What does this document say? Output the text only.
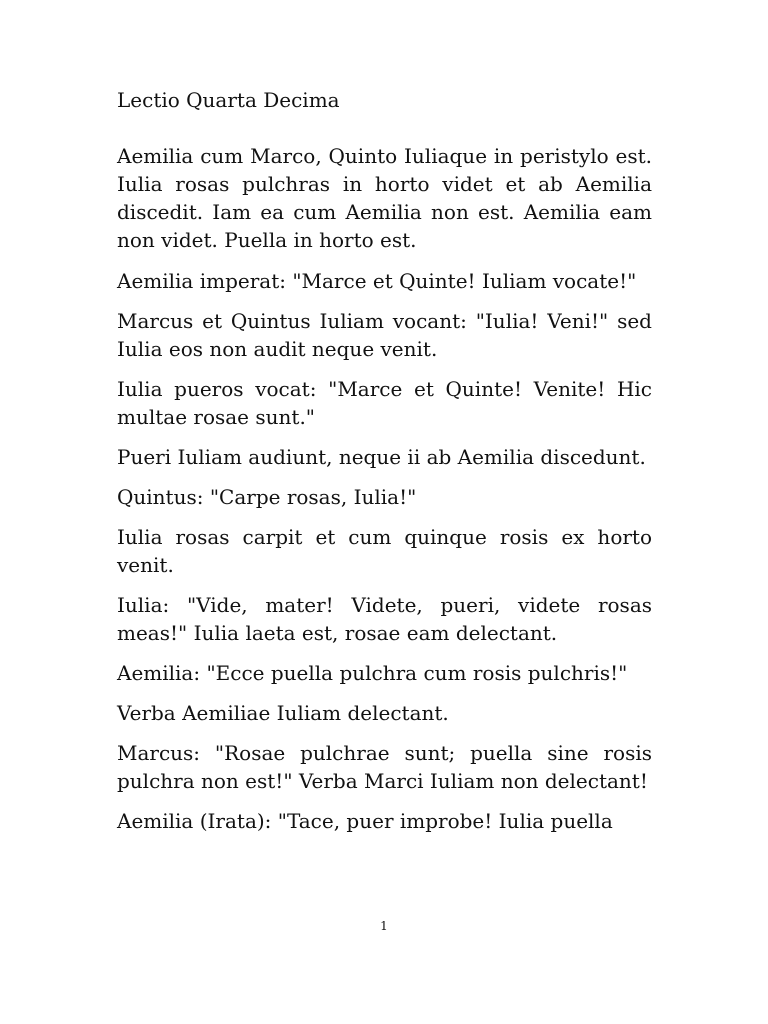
Lectio Quarta Decima

Aemilia cum Marco, Quinto Iuliaque in peristylo est. Iulia rosas pulchras in horto videt et ab Aemilia discedit. Iam ea cum Aemilia non est. Aemilia eam non videt. Puella in horto est.

Aemilia imperat: "Marce et Quinte! Iuliam vocate!"

Marcus et Quintus Iuliam vocant: "Iulia! Veni!" sed Iulia eos non audit neque venit.

Iulia pueros vocat: "Marce et Quinte! Venite! Hic multae rosae sunt."

Pueri Iuliam audiunt, neque ii ab Aemilia discedunt.

Quintus: "Carpe rosas, Iulia!"

Iulia rosas carpit et cum quinque rosis ex horto venit.

Iulia: "Vide, mater! Videte, pueri, videte rosas meas!" Iulia laeta est, rosae eam delectant.

Aemilia: "Ecce puella pulchra cum rosis pulchris!"

Verba Aemiliae Iuliam delectant.

Marcus: "Rosae pulchrae sunt; puella sine rosis pulchra non est!" Verba Marci Iuliam non delectant!

Aemilia (Irata): "Tace, puer improbe! Iulia puella

1
